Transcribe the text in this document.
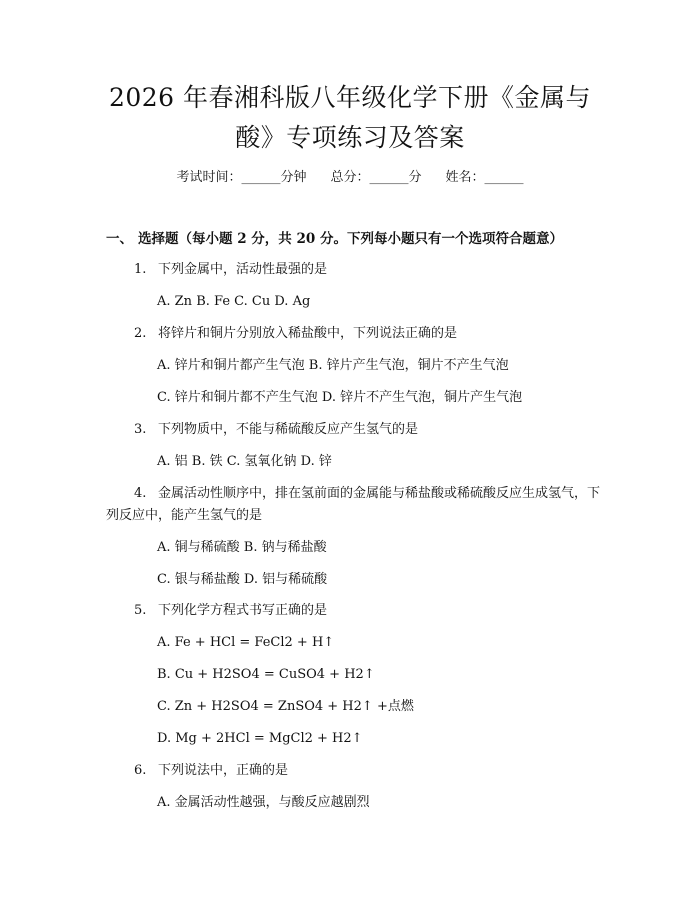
2026 年春湘科版八年级化学下册《金属与
酸》专项练习及答案
考试时间：______分钟 总分：______分 姓名：______
一、 选择题（每小题 2 分，共 20 分。下列每小题只有一个选项符合题意）
1. 下列金属中，活动性最强的是
A. Zn B. Fe C. Cu D. Ag
2. 将锌片和铜片分别放入稀盐酸中，下列说法正确的是
A. 锌片和铜片都产生气泡 B. 锌片产生气泡，铜片不产生气泡
C. 锌片和铜片都不产生气泡 D. 锌片不产生气泡，铜片产生气泡
3. 下列物质中，不能与稀硫酸反应产生氢气的是
A. 铝 B. 铁 C. 氢氧化钠 D. 锌
4. 金属活动性顺序中，排在氢前面的金属能与稀盐酸或稀硫酸反应生成氢气，下列反应中，能产生氢气的是
A. 铜与稀硫酸 B. 钠与稀盐酸
C. 银与稀盐酸 D. 铝与稀硫酸
5. 下列化学方程式书写正确的是
A. Fe + HCl = FeCl2 + H↑
B. Cu + H2SO4 = CuSO4 + H2↑
C. Zn + H2SO4 = ZnSO4 + H2↑ +点燃
D. Mg + 2HCl = MgCl2 + H2↑
6. 下列说法中，正确的是
A. 金属活动性越强，与酸反应越剧烈
